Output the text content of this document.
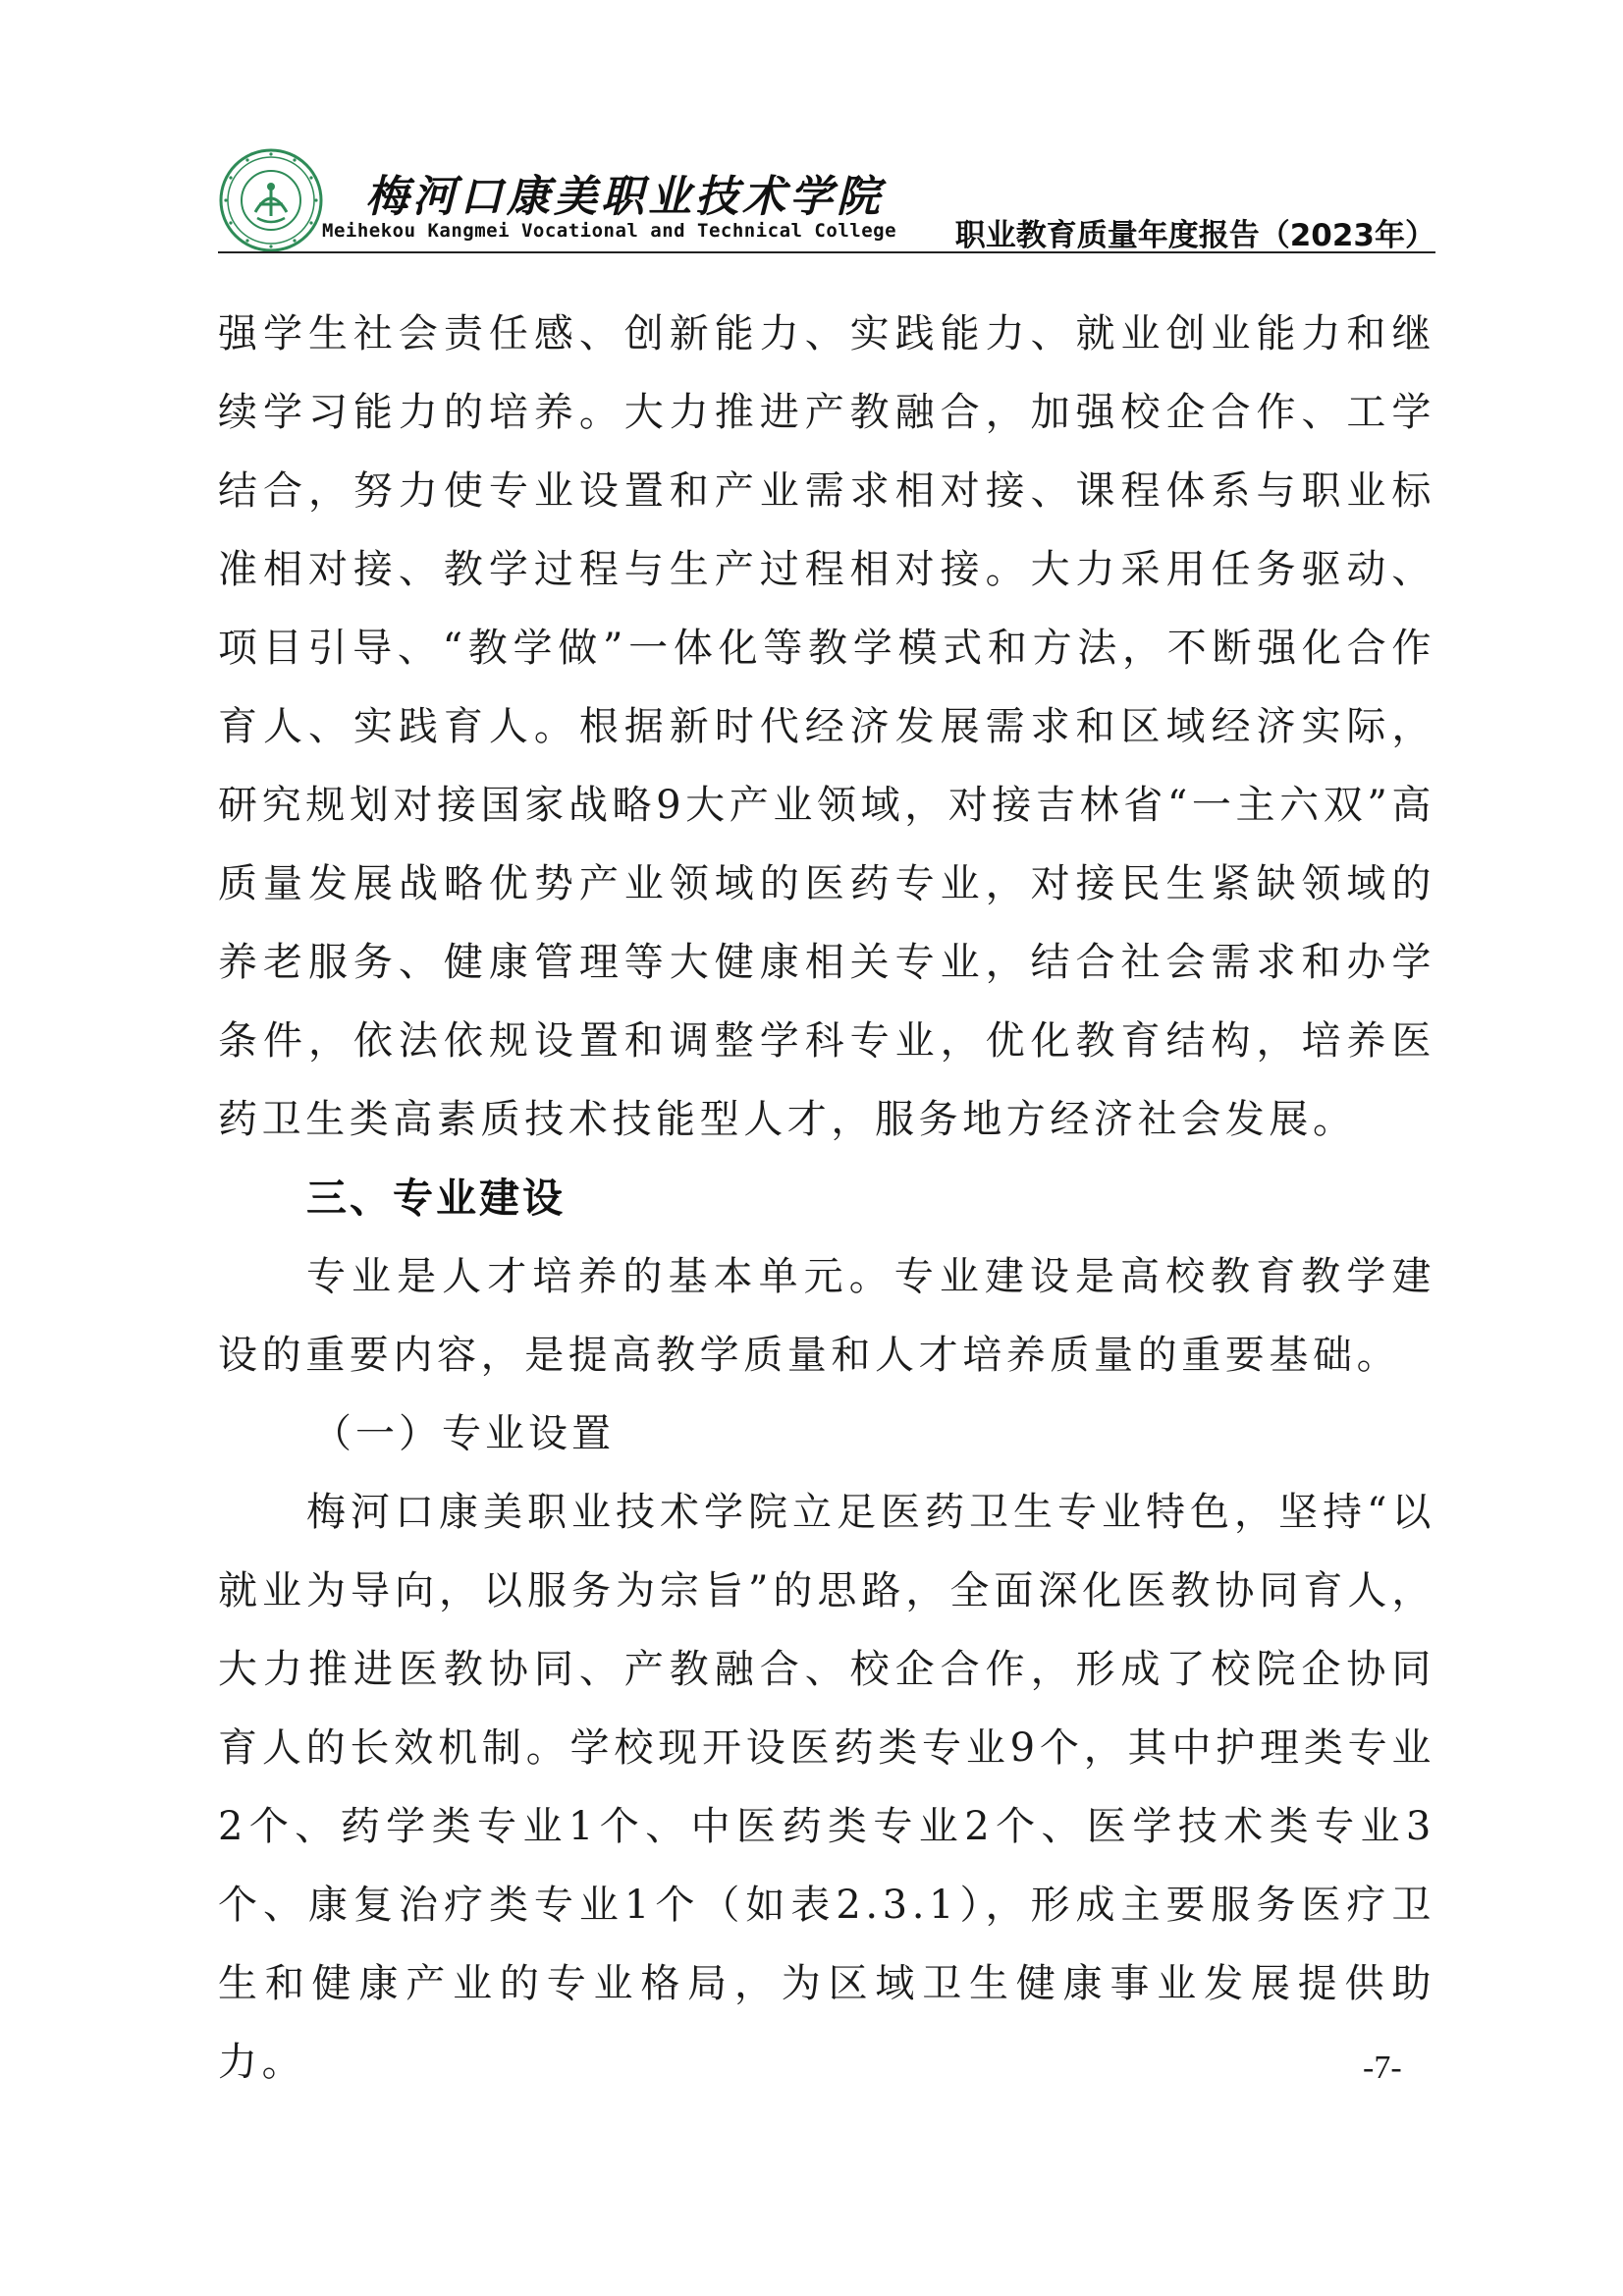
梅河口康美职业技术学院
Meihekou Kangmei Vocational and Technical College 职业教育质量年度报告（2023年）

强学生社会责任感、创新能力、实践能力、就业创业能力和继续学习能力的培养。大力推进产教融合，加强校企合作、工学结合，努力使专业设置和产业需求相对接、课程体系与职业标准相对接、教学过程与生产过程相对接。大力采用任务驱动、项目引导、“教学做”一体化等教学模式和方法，不断强化合作育人、实践育人。根据新时代经济发展需求和区域经济实际，研究规划对接国家战略9大产业领域，对接吉林省“一主六双”高质量发展战略优势产业领域的医药专业，对接民生紧缺领域的养老服务、健康管理等大健康相关专业，结合社会需求和办学条件，依法依规设置和调整学科专业，优化教育结构，培养医药卫生类高素质技术技能型人才，服务地方经济社会发展。

三、专业建设

专业是人才培养的基本单元。专业建设是高校教育教学建设的重要内容，是提高教学质量和人才培养质量的重要基础。

（一）专业设置

梅河口康美职业技术学院立足医药卫生专业特色，坚持“以就业为导向，以服务为宗旨”的思路，全面深化医教协同育人，大力推进医教协同、产教融合、校企合作，形成了校院企协同育人的长效机制。学校现开设医药类专业9个，其中护理类专业2个、药学类专业1个、中医药类专业2个、医学技术类专业3个、康复治疗类专业1个（如表2.3.1），形成主要服务医疗卫生和健康产业的专业格局，为区域卫生健康事业发展提供助力。	-7-
